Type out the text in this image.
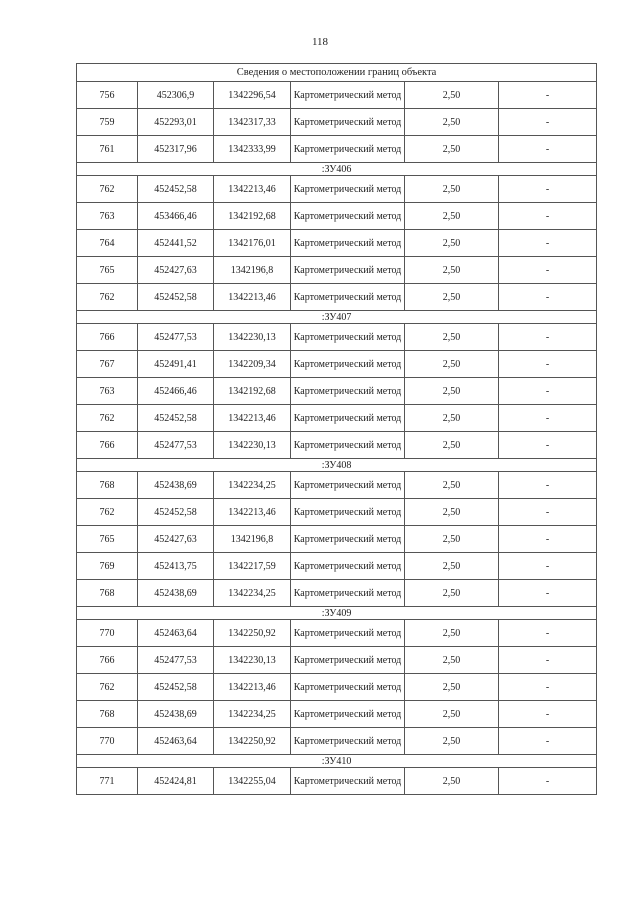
118
Сведения о местоположении границ объекта					
756	452306,9	1342296,54	Картометрический метод	2,50	-
759	452293,01	1342317,33	Картометрический метод	2,50	-
761	452317,96	1342333,99	Картометрический метод	2,50	-
:ЗУ406					
762	452452,58	1342213,46	Картометрический метод	2,50	-
763	453466,46	1342192,68	Картометрический метод	2,50	-
764	452441,52	1342176,01	Картометрический метод	2,50	-
765	452427,63	1342196,8	Картометрический метод	2,50	-
762	452452,58	1342213,46	Картометрический метод	2,50	-
:ЗУ407					
766	452477,53	1342230,13	Картометрический метод	2,50	-
767	452491,41	1342209,34	Картометрический метод	2,50	-
763	452466,46	1342192,68	Картометрический метод	2,50	-
762	452452,58	1342213,46	Картометрический метод	2,50	-
766	452477,53	1342230,13	Картометрический метод	2,50	-
:ЗУ408					
768	452438,69	1342234,25	Картометрический метод	2,50	-
762	452452,58	1342213,46	Картометрический метод	2,50	-
765	452427,63	1342196,8	Картометрический метод	2,50	-
769	452413,75	1342217,59	Картометрический метод	2,50	-
768	452438,69	1342234,25	Картометрический метод	2,50	-
:ЗУ409					
770	452463,64	1342250,92	Картометрический метод	2,50	-
766	452477,53	1342230,13	Картометрический метод	2,50	-
762	452452,58	1342213,46	Картометрический метод	2,50	-
768	452438,69	1342234,25	Картометрический метод	2,50	-
770	452463,64	1342250,92	Картометрический метод	2,50	-
:ЗУ410					
771	452424,81	1342255,04	Картометрический метод	2,50	-
